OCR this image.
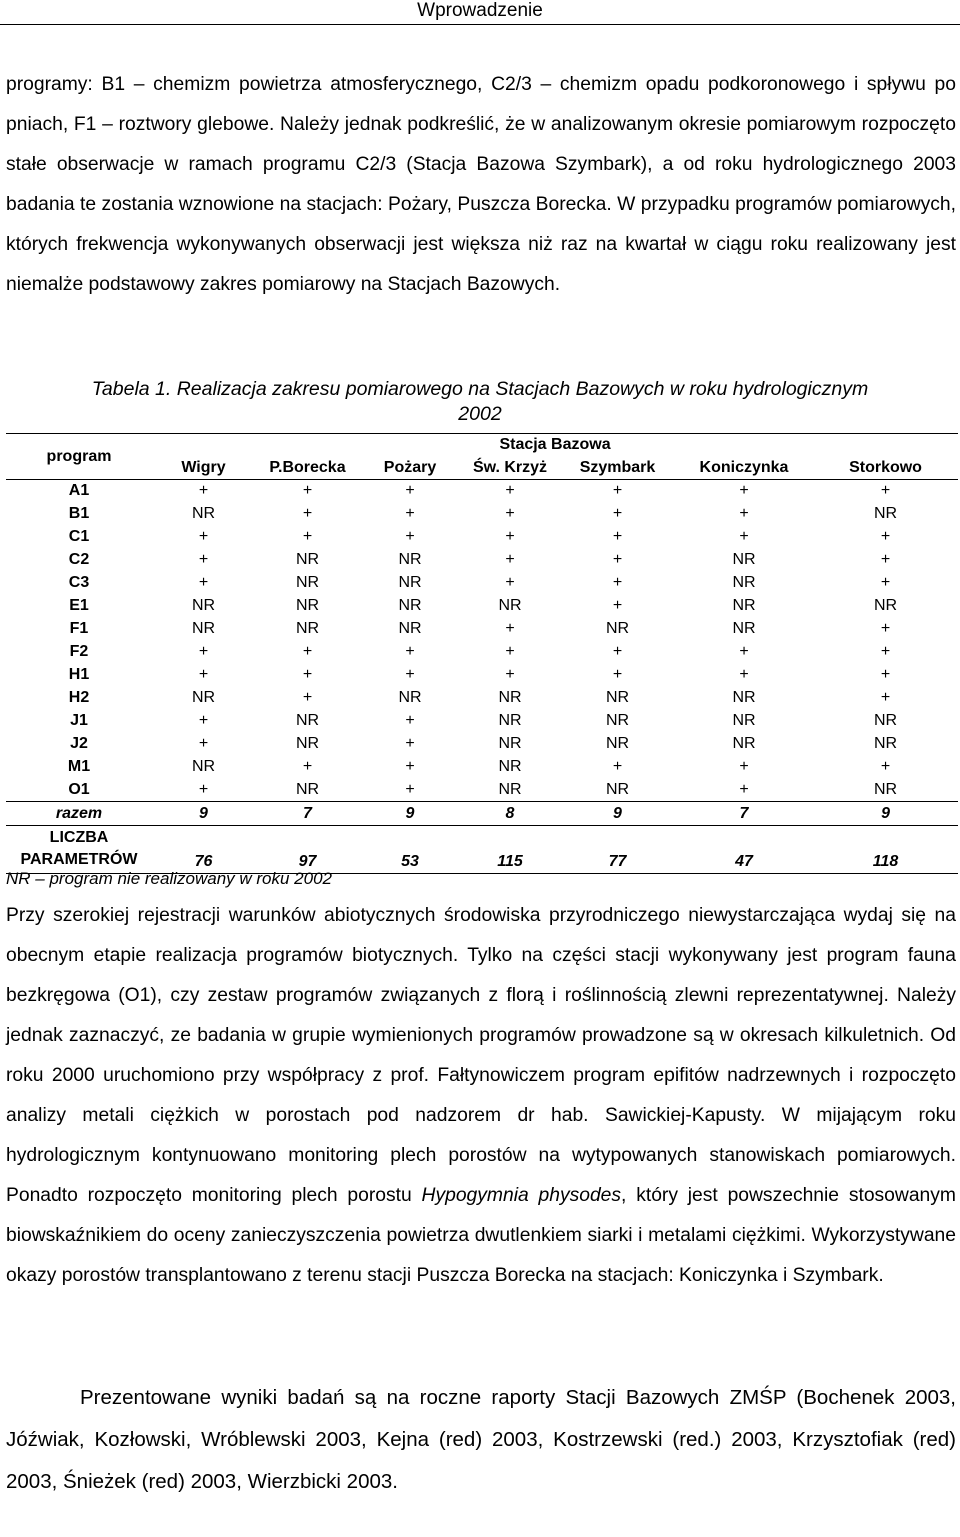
Wprowadzenie

programy: B1 – chemizm powietrza atmosferycznego, C2/3 – chemizm opadu podkoronowego i spływu po pniach, F1 – roztwory glebowe. Należy jednak podkreślić, że w analizowanym okresie pomiarowym rozpoczęto stałe obserwacje w ramach programu C2/3 (Stacja Bazowa Szymbark), a od roku hydrologicznego 2003 badania te zostania wznowione na stacjach: Pożary, Puszcza Borecka. W przypadku programów pomiarowych, których frekwencja wykonywanych obserwacji jest większa niż raz na kwartał w ciągu roku realizowany jest niemalże podstawowy zakres pomiarowy na Stacjach Bazowych.

Tabela 1. Realizacja zakresu pomiarowego na Stacjach Bazowych w roku hydrologicznym
2002
program	Stacja Bazowa						
	Wigry	P.Borecka	Pożary	Św. Krzyż	Szymbark	Koniczynka	Storkowo
A1	+	+	+	+	+	+	+
B1	NR	+	+	+	+	+	NR
C1	+	+	+	+	+	+	+
C2	+	NR	NR	+	+	NR	+
C3	+	NR	NR	+	+	NR	+
E1	NR	NR	NR	NR	+	NR	NR
F1	NR	NR	NR	+	NR	NR	+
F2	+	+	+	+	+	+	+
H1	+	+	+	+	+	+	+
H2	NR	+	NR	NR	NR	NR	+
J1	+	NR	+	NR	NR	NR	NR
J2	+	NR	+	NR	NR	NR	NR
M1	NR	+	+	NR	+	+	+
O1	+	NR	+	NR	NR	+	NR
razem	9	7	9	8	9	7	9

LICZBA
PARAMETRÓW	76	97	53	115	77	47	118
NR – program nie realizowany w roku 2002

Przy szerokiej rejestracji warunków abiotycznych środowiska przyrodniczego niewystarczająca wydaj się na obecnym etapie realizacja programów biotycznych. Tylko na części stacji wykonywany jest program fauna bezkręgowa (O1), czy zestaw programów związanych z florą i roślinnością zlewni reprezentatywnej. Należy jednak zaznaczyć, ze badania w grupie wymienionych programów prowadzone są w okresach kilkuletnich. Od roku 2000 uruchomiono przy współpracy z prof. Fałtynowiczem program epifitów nadrzewnych i rozpoczęto analizy metali ciężkich w porostach pod nadzorem dr hab. Sawickiej-Kapusty. W mijającym roku hydrologicznym kontynuowano monitoring plech porostów na wytypowanych stanowiskach pomiarowych. Ponadto rozpoczęto monitoring plech porostu Hypogymnia physodes, który jest powszechnie stosowanym biowskaźnikiem do oceny zanieczyszczenia powietrza dwutlenkiem siarki i metalami ciężkimi. Wykorzystywane okazy porostów transplantowano z terenu stacji Puszcza Borecka na stacjach: Koniczynka i Szymbark.

Prezentowane wyniki badań są na roczne raporty Stacji Bazowych ZMŚP (Bochenek 2003, Jóźwiak, Kozłowski, Wróblewski 2003, Kejna (red) 2003, Kostrzewski (red.) 2003, Krzysztofiak (red) 2003, Śnieżek (red) 2003, Wierzbicki 2003.
